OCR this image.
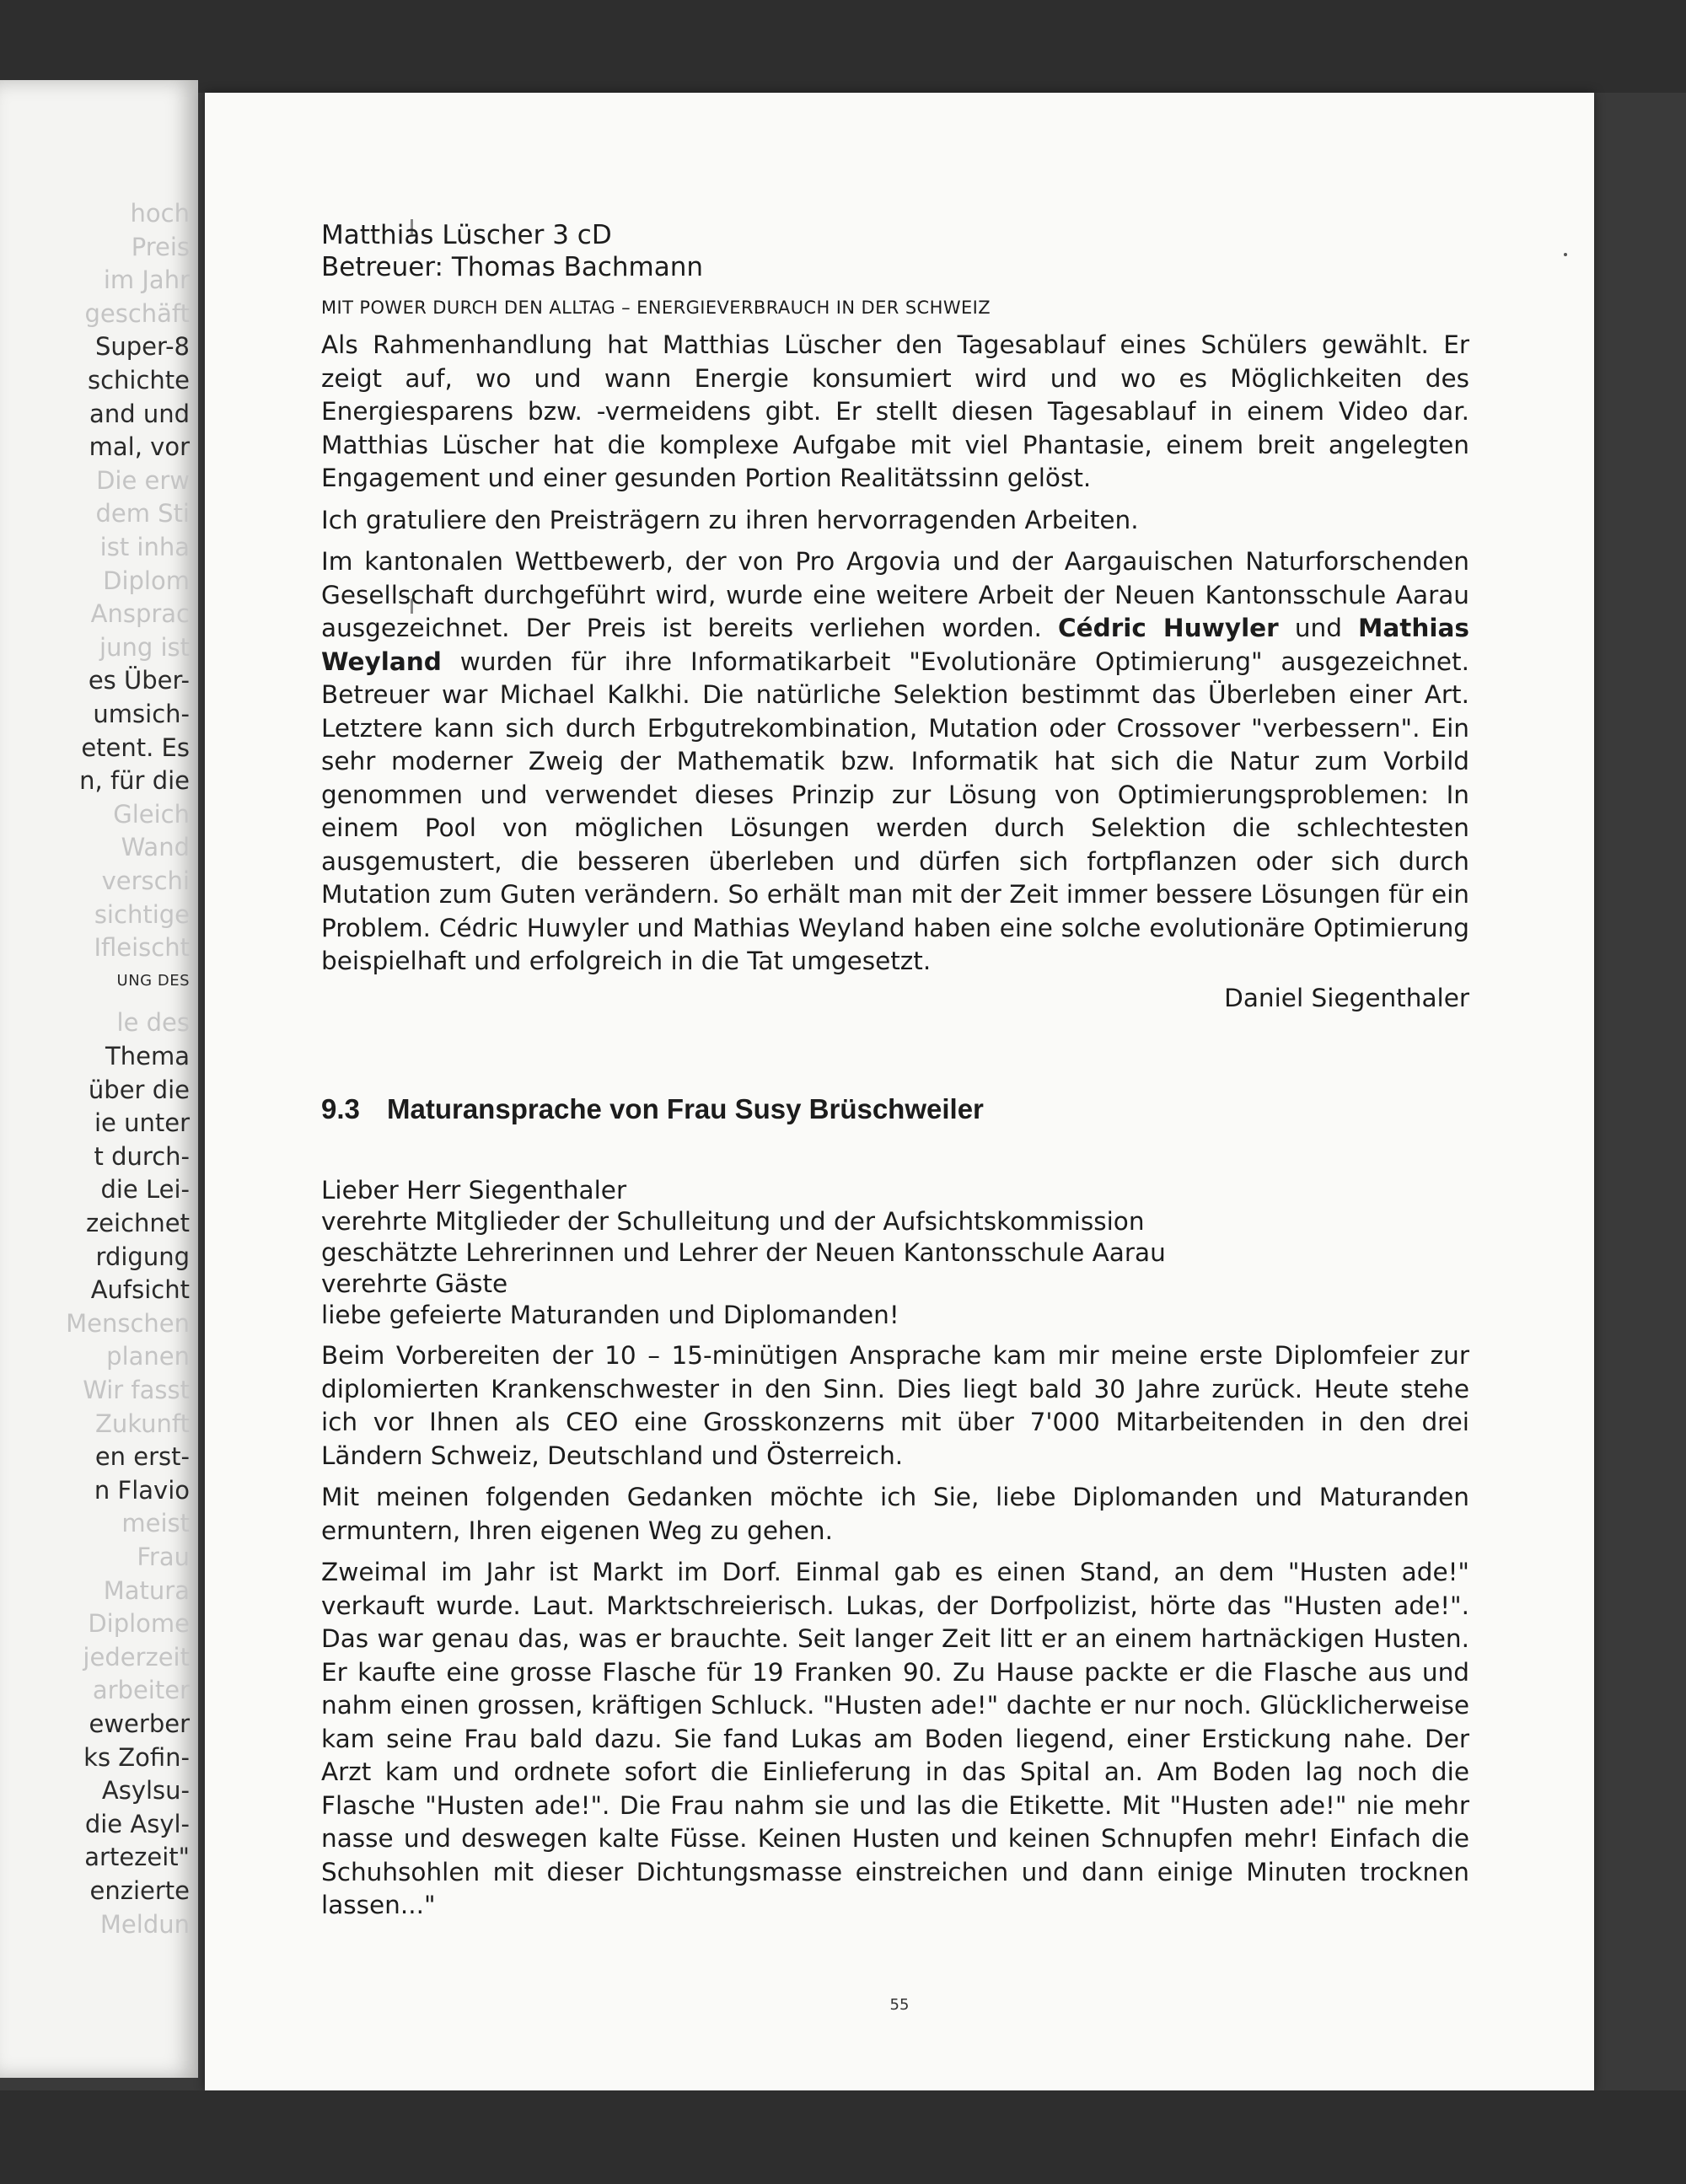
hoch
Preis
im Jahr
geschäft
Super-8
schichte
and und
mal, vor
Die erw
dem Sti
ist inha
Diplom
Ansprac
jung ist
es Über-
umsich-
etent. Es
n, für die
Gleich
Wand
verschi
sichtige
Ifleischt
UNG DES
le des
Thema
über die
ie unter
t durch-
die Lei-
zeichnet
rdigung
Aufsicht
Menschen
planen
Wir fasst
Zukunft
en erst-
n Flavio
meist
Frau
Matura
Diplome
jederzeit
arbeiter
ewerber
ks Zofin-
Asylsu-
die Asyl-
artezeit"
enzierte
Meldun
Matthias Lüscher 3 cD
Betreuer: Thomas Bachmann
MIT POWER DURCH DEN ALLTAG – ENERGIEVERBRAUCH IN DER SCHWEIZ

Als Rahmenhandlung hat Matthias Lüscher den Tagesablauf eines Schülers gewählt. Er zeigt auf, wo und wann Energie konsumiert wird und wo es Möglichkeiten des Energiesparens bzw. -vermeidens gibt. Er stellt diesen Tagesablauf in einem Video dar. Matthias Lüscher hat die komplexe Aufgabe mit viel Phantasie, einem breit angelegten Engagement und einer gesunden Portion Realitätssinn gelöst.

Ich gratuliere den Preisträgern zu ihren hervorragenden Arbeiten.

Im kantonalen Wettbewerb, der von Pro Argovia und der Aargauischen Naturforschenden Gesellschaft durchgeführt wird, wurde eine weitere Arbeit der Neuen Kantonsschule Aarau ausgezeichnet. Der Preis ist bereits verliehen worden. Cédric Huwyler und Mathias Weyland wurden für ihre Informatikarbeit "Evolutionäre Optimierung" ausgezeichnet. Betreuer war Michael Kalkhi. Die natürliche Selektion bestimmt das Überleben einer Art. Letztere kann sich durch Erbgutrekombination, Mutation oder Crossover "verbessern". Ein sehr moderner Zweig der Mathematik bzw. Informatik hat sich die Natur zum Vorbild genommen und verwendet dieses Prinzip zur Lösung von Optimierungsproblemen: In einem Pool von möglichen Lösungen werden durch Selektion die schlechtesten ausgemustert, die besseren überleben und dürfen sich fortpflanzen oder sich durch Mutation zum Guten verändern. So erhält man mit der Zeit immer bessere Lösungen für ein Problem. Cédric Huwyler und Mathias Weyland haben eine solche evolutionäre Optimierung beispielhaft und erfolgreich in die Tat umgesetzt.

Daniel Siegenthaler
9.3 Maturansprache von Frau Susy Brüschweiler
Lieber Herr Siegenthaler
verehrte Mitglieder der Schulleitung und der Aufsichtskommission
geschätzte Lehrerinnen und Lehrer der Neuen Kantonsschule Aarau
verehrte Gäste
liebe gefeierte Maturanden und Diplomanden!

Beim Vorbereiten der 10 – 15-minütigen Ansprache kam mir meine erste Diplomfeier zur diplomierten Krankenschwester in den Sinn. Dies liegt bald 30 Jahre zurück. Heute stehe ich vor Ihnen als CEO eine Grosskonzerns mit über 7'000 Mitarbeitenden in den drei Ländern Schweiz, Deutschland und Österreich.

Mit meinen folgenden Gedanken möchte ich Sie, liebe Diplomanden und Maturanden ermuntern, Ihren eigenen Weg zu gehen.

Zweimal im Jahr ist Markt im Dorf. Einmal gab es einen Stand, an dem "Husten ade!" verkauft wurde. Laut. Marktschreierisch. Lukas, der Dorfpolizist, hörte das "Husten ade!". Das war genau das, was er brauchte. Seit langer Zeit litt er an einem hartnäckigen Husten. Er kaufte eine grosse Flasche für 19 Franken 90. Zu Hause packte er die Flasche aus und nahm einen grossen, kräftigen Schluck. "Husten ade!" dachte er nur noch. Glücklicherweise kam seine Frau bald dazu. Sie fand Lukas am Boden liegend, einer Erstickung nahe. Der Arzt kam und ordnete sofort die Einlieferung in das Spital an. Am Boden lag noch die Flasche "Husten ade!". Die Frau nahm sie und las die Etikette. Mit "Husten ade!" nie mehr nasse und deswegen kalte Füsse. Keinen Husten und keinen Schnupfen mehr! Einfach die Schuhsohlen mit dieser Dichtungsmasse einstreichen und dann einige Minuten trocknen lassen..."

55
